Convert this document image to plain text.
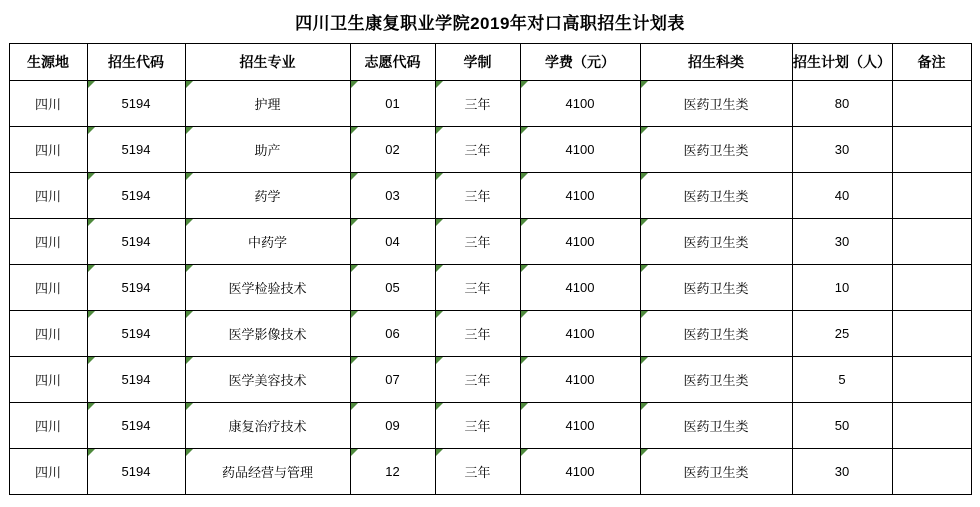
四川卫生康复职业学院2019年对口高职招生计划表
生源地	招生代码	招生专业	志愿代码	学制	学费（元）	招生科类	招生计划（人）	备注
四川	5194	护理	01	三年	4100	医药卫生类	80	
四川	5194	助产	02	三年	4100	医药卫生类	30	
四川	5194	药学	03	三年	4100	医药卫生类	40	
四川	5194	中药学	04	三年	4100	医药卫生类	30	
四川	5194	医学检验技术	05	三年	4100	医药卫生类	10	
四川	5194	医学影像技术	06	三年	4100	医药卫生类	25	
四川	5194	医学美容技术	07	三年	4100	医药卫生类	5	
四川	5194	康复治疗技术	09	三年	4100	医药卫生类	50	
四川	5194	药品经营与管理	12	三年	4100	医药卫生类	30	
